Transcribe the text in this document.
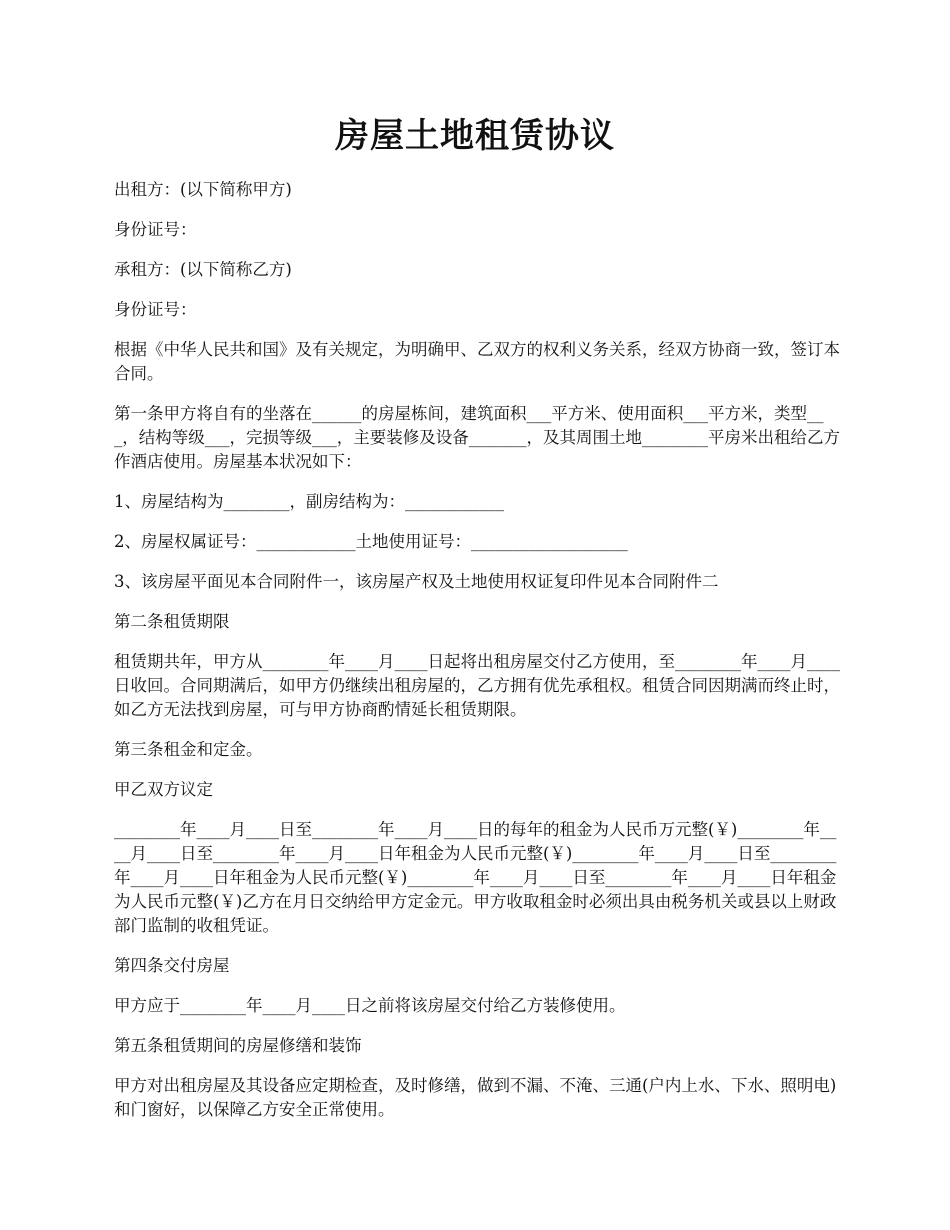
房屋土地租赁协议

出租方：(以下简称甲方)

身份证号：

承租方：(以下简称乙方)

身份证号：

根据《中华人民共和国》及有关规定，为明确甲、乙双方的权利义务关系，经双方协商一致，签订本合同。

第一条甲方将自有的坐落在______的房屋栋间，建筑面积___平方米、使用面积___平方米，类型___，结构等级___，完损等级___，主要装修及设备_______，及其周围土地________平房米出租给乙方作酒店使用。房屋基本状况如下：

1、房屋结构为________，副房结构为：____________

2、房屋权属证号：____________土地使用证号：___________________

3、该房屋平面见本合同附件一，该房屋产权及土地使用权证复印件见本合同附件二

第二条租赁期限

租赁期共年，甲方从________年____月____日起将出租房屋交付乙方使用，至________年____月____日收回。合同期满后，如甲方仍继续出租房屋的，乙方拥有优先承租权。租赁合同因期满而终止时，如乙方无法找到房屋，可与甲方协商酌情延长租赁期限。

第三条租金和定金。

甲乙双方议定

________年____月____日至________年____月____日的每年的租金为人民币万元整(￥)________年____月____日至________年____月____日年租金为人民币元整(￥)________年____月____日至________年____月____日年租金为人民币元整(￥)________年____月____日至________年____月____日年租金为人民币元整(￥)乙方在月日交纳给甲方定金元。甲方收取租金时必须出具由税务机关或县以上财政部门监制的收租凭证。

第四条交付房屋

甲方应于________年____月____日之前将该房屋交付给乙方装修使用。

第五条租赁期间的房屋修缮和装饰

甲方对出租房屋及其设备应定期检查，及时修缮，做到不漏、不淹、三通(户内上水、下水、照明电)和门窗好，以保障乙方安全正常使用。
